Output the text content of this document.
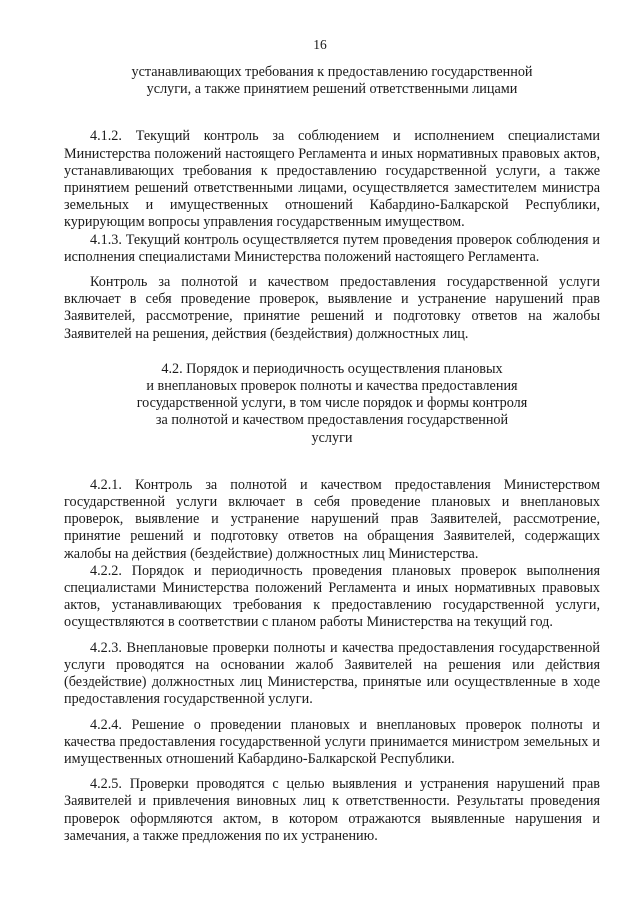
16

устанавливающих требования к предоставлению государственной

услуги, а также принятием решений ответственными лицами

4.1.2. Текущий контроль за соблюдением и исполнением специалистами Министерства положений настоящего Регламента и иных нормативных правовых актов, устанавливающих требования к предоставлению государственной услуги, а также принятием решений ответственными лицами, осуществляется заместителем министра земельных и имущественных отношений Кабардино-Балкарской Республики, курирующим вопросы управления государственным имуществом.

4.1.3. Текущий контроль осуществляется путем проведения проверок соблюдения и исполнения специалистами Министерства положений настоящего Регламента.

Контроль за полнотой и качеством предоставления государственной услуги включает в себя проведение проверок, выявление и устранение нарушений прав Заявителей, рассмотрение, принятие решений и подготовку ответов на жалобы Заявителей на решения, действия (бездействия) должностных лиц.

4.2. Порядок и периодичность осуществления плановых

и внеплановых проверок полноты и качества предоставления

государственной услуги, в том числе порядок и формы контроля

за полнотой и качеством предоставления государственной

услуги

4.2.1. Контроль за полнотой и качеством предоставления Министерством государственной услуги включает в себя проведение плановых и внеплановых проверок, выявление и устранение нарушений прав Заявителей, рассмотрение, принятие решений и подготовку ответов на обращения Заявителей, содержащих жалобы на действия (бездействие) должностных лиц Министерства.

4.2.2. Порядок и периодичность проведения плановых проверок выполнения специалистами Министерства положений Регламента и иных нормативных правовых актов, устанавливающих требования к предоставлению государственной услуги, осуществляются в соответствии с планом работы Министерства на текущий год.

4.2.3. Внеплановые проверки полноты и качества предоставления государственной услуги проводятся на основании жалоб Заявителей на решения или действия (бездействие) должностных лиц Министерства, принятые или осуществленные в ходе предоставления государственной услуги.

4.2.4. Решение о проведении плановых и внеплановых проверок полноты и качества предоставления государственной услуги принимается министром земельных и имущественных отношений Кабардино-Балкарской Республики.

4.2.5. Проверки проводятся с целью выявления и устранения нарушений прав Заявителей и привлечения виновных лиц к ответственности. Результаты проведения проверок оформляются актом, в котором отражаются выявленные нарушения и замечания, а также предложения по их устранению.
